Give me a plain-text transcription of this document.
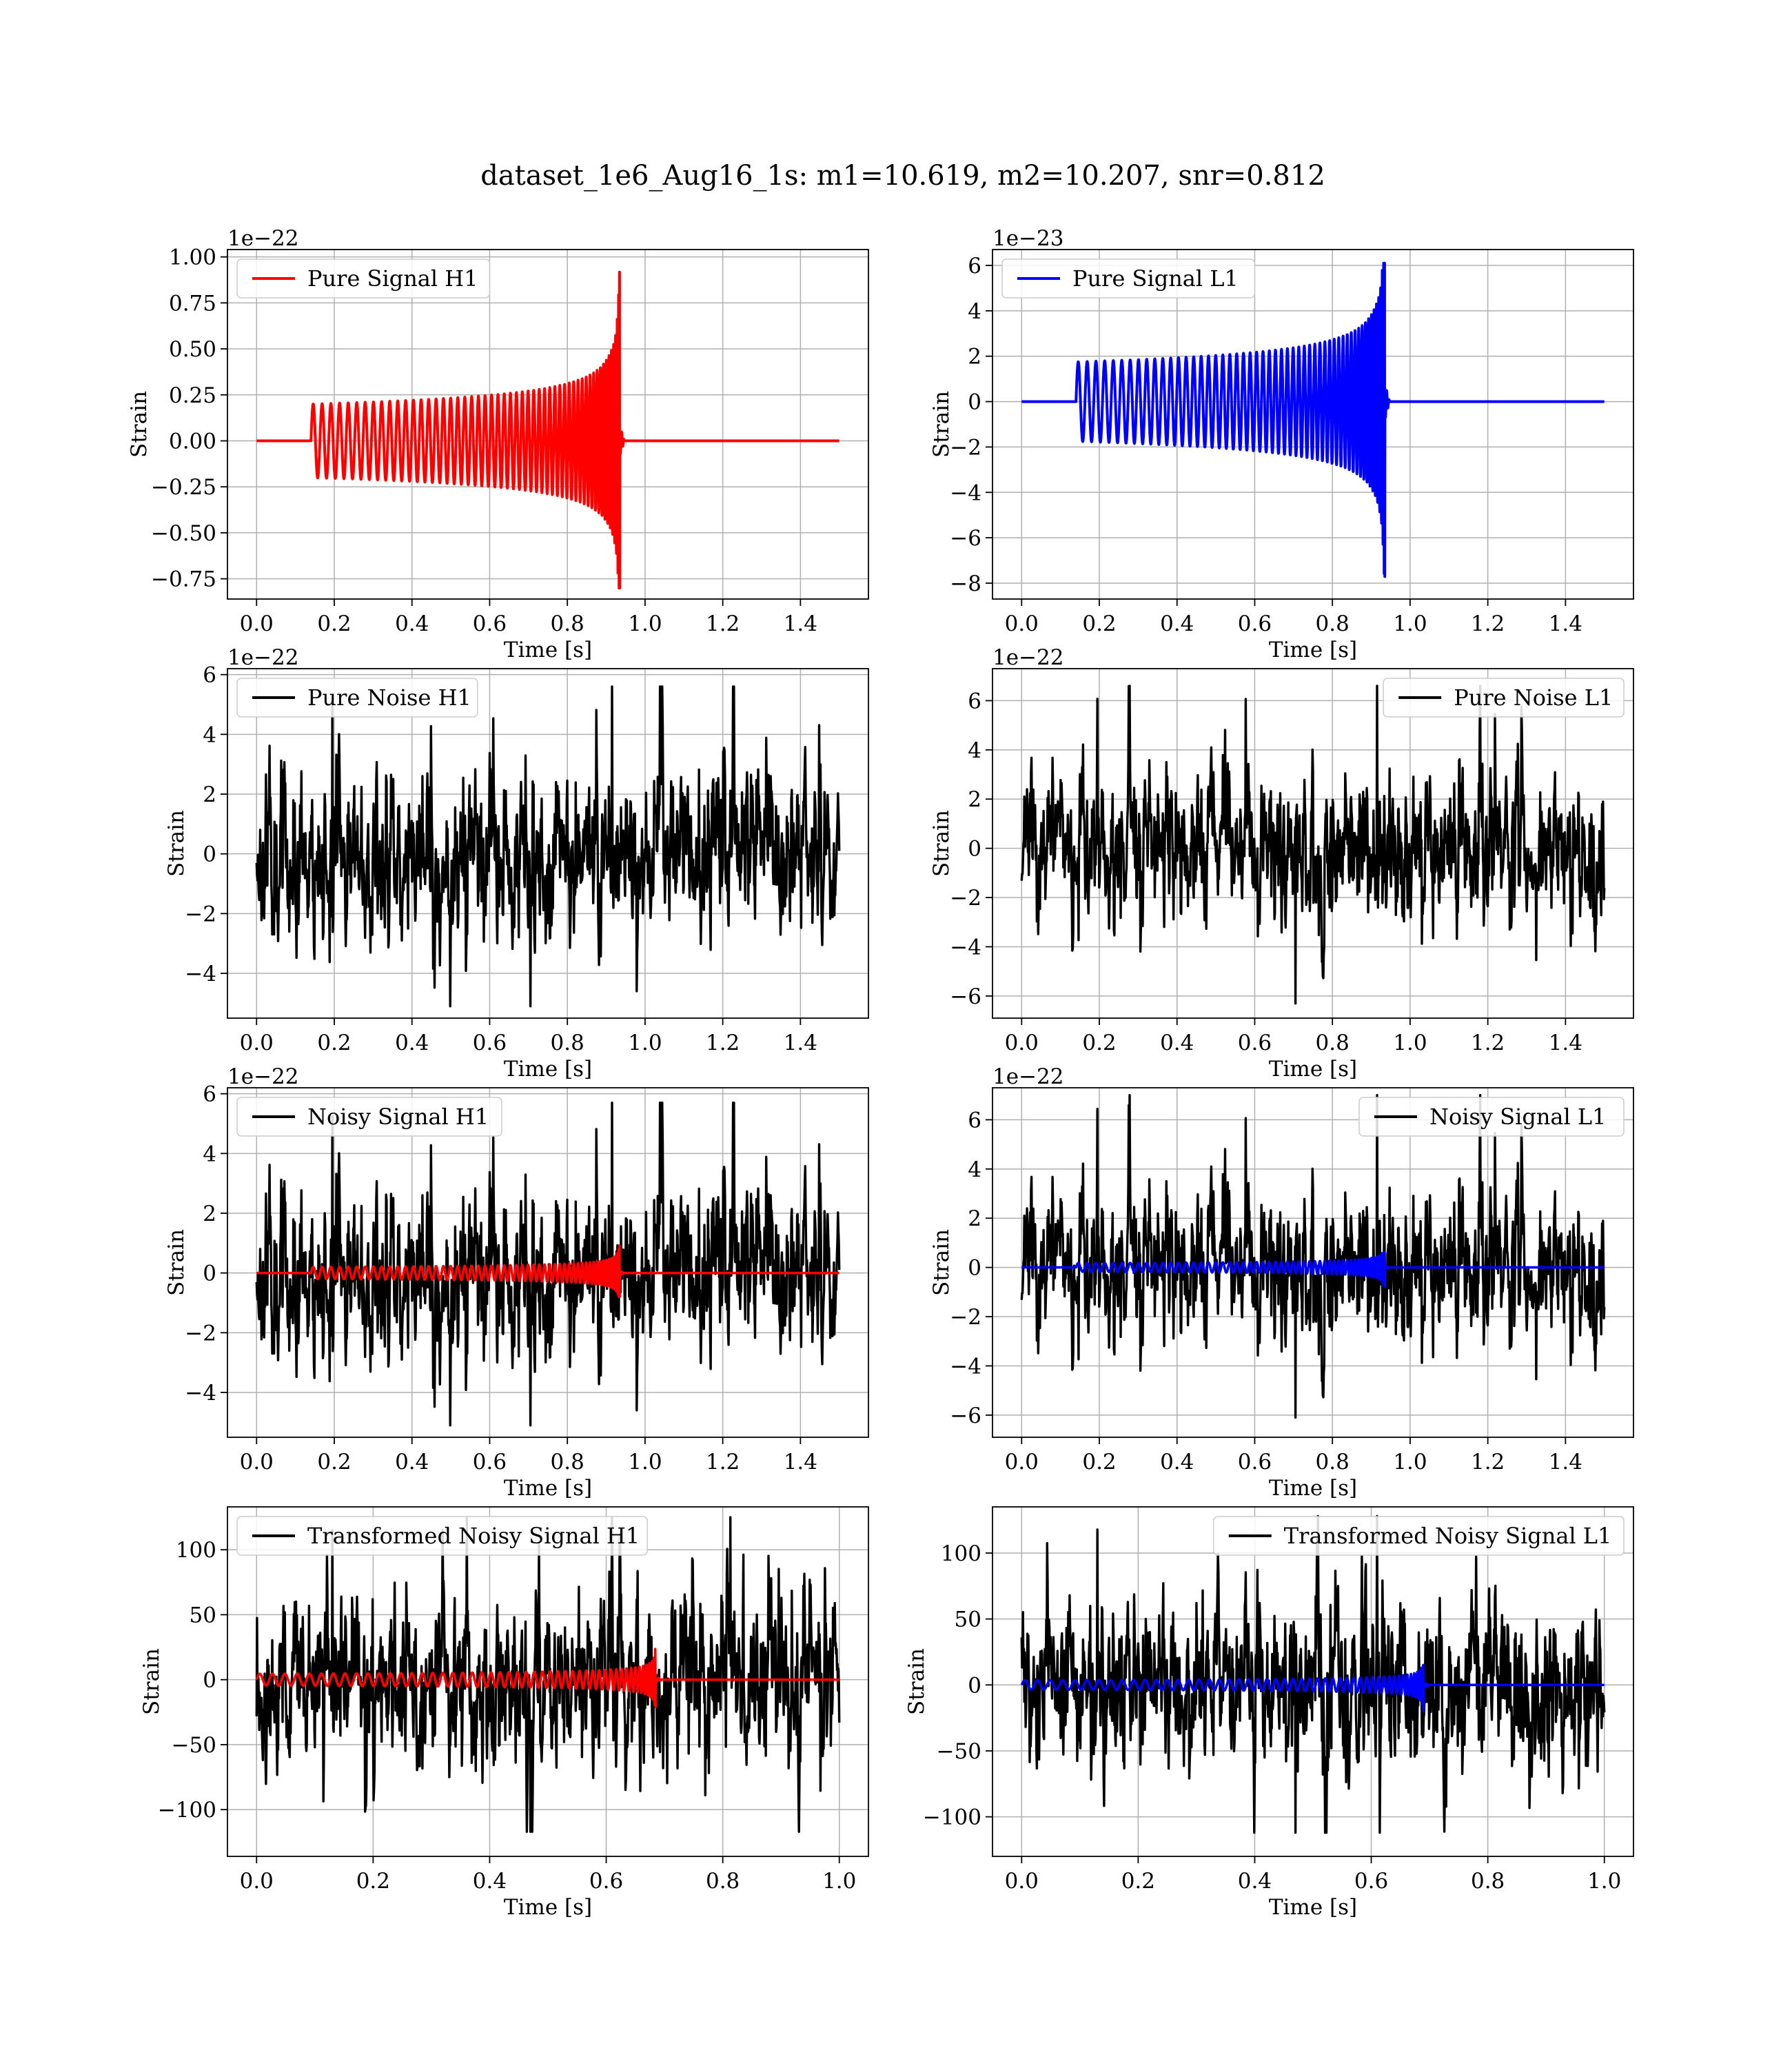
dataset_1e6_Aug16_1s: m1=10.619, m2=10.207, snr=0.812
0.0 0.2 0.4 0.6 0.8 1.0 1.2 1.4
−0.75
−0.50
−0.25
0.00
0.25
0.50
0.75
1.00
Time [s]
Strain
1e−22
Pure Signal H1
0.0 0.2 0.4 0.6 0.8 1.0 1.2 1.4
−8
−6
−4
−2
0
2
4
6
Time [s]
Strain
1e−23
Pure Signal L1
0.0 0.2 0.4 0.6 0.8 1.0 1.2 1.4
−4
−2
0
2
4
6
Time [s]
Strain
1e−22
Pure Noise H1
0.0 0.2 0.4 0.6 0.8 1.0 1.2 1.4
−6
−4
−2
0
2
4
6
Time [s]
Strain
1e−22
Pure Noise L1
0.0 0.2 0.4 0.6 0.8 1.0 1.2 1.4
−4
−2
0
2
4
6
Time [s]
Strain
1e−22
Noisy Signal H1
0.0 0.2 0.4 0.6 0.8 1.0 1.2 1.4
−6
−4
−2
0
2
4
6
Time [s]
Strain
1e−22
Noisy Signal L1
0.0	0.2	0.4	0.6	0.8	1.0
−100
−50
0
50
100
Time [s]
Strain
Transformed Noisy Signal H1
0.0	0.2	0.4	0.6	0.8	1.0
−100
−50
0
50
100
Time [s]
Strain
Transformed Noisy Signal L1
